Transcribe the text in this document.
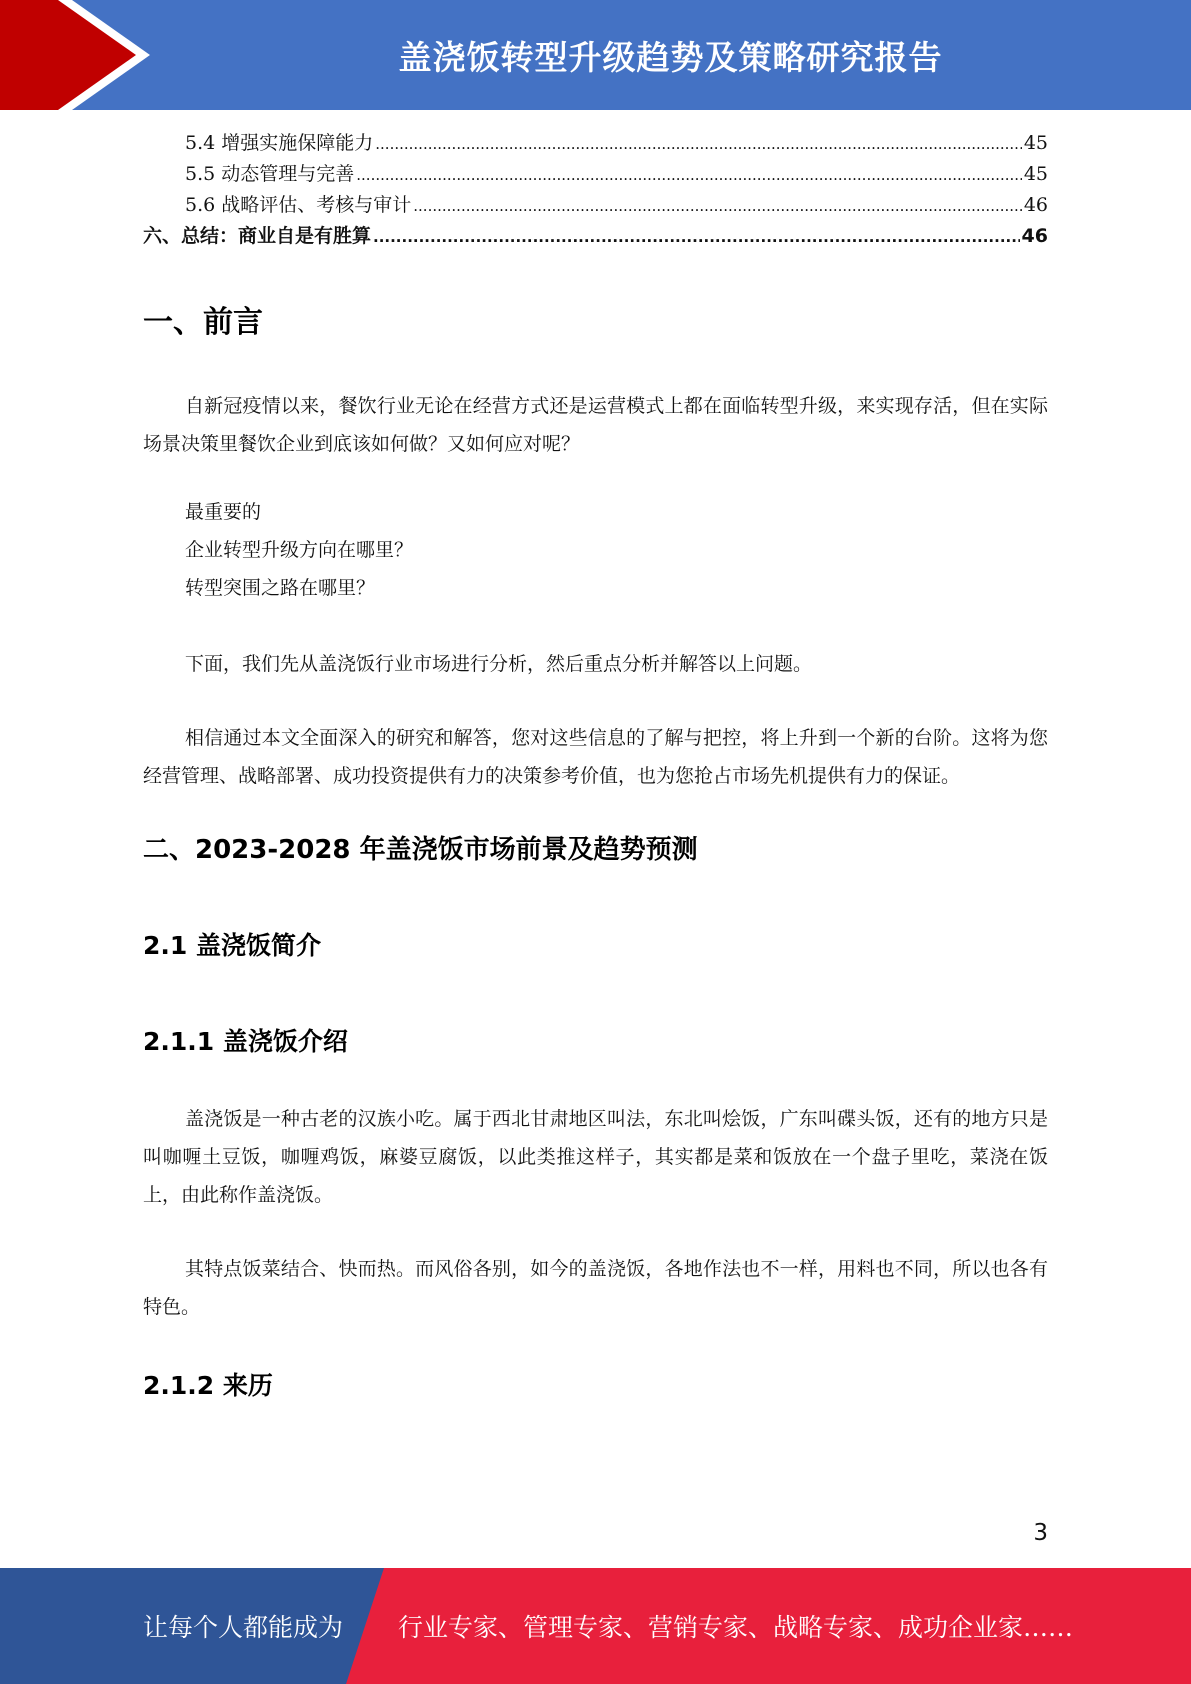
盖浇饭转型升级趋势及策略研究报告
5.4 增强实施保障能力 .....	45
5.5 动态管理与完善 .....	45
5.6 战略评估、考核与审计 .....	46
六、总结：商业自是有胜算 .....	46
一、前言

自新冠疫情以来，餐饮行业无论在经营方式还是运营模式上都在面临转型升级，来实现存活，但在实际场景决策里餐饮企业到底该如何做？又如何应对呢？

最重要的
企业转型升级方向在哪里？
转型突围之路在哪里？

下面，我们先从盖浇饭行业市场进行分析，然后重点分析并解答以上问题。

相信通过本文全面深入的研究和解答，您对这些信息的了解与把控，将上升到一个新的台阶。这将为您经营管理、战略部署、成功投资提供有力的决策参考价值，也为您抢占市场先机提供有力的保证。

二、2023-2028 年盖浇饭市场前景及趋势预测
2.1 盖浇饭简介
2.1.1 盖浇饭介绍

盖浇饭是一种古老的汉族小吃。属于西北甘肃地区叫法，东北叫烩饭，广东叫碟头饭，还有的地方只是叫咖喱土豆饭，咖喱鸡饭，麻婆豆腐饭，以此类推这样子，其实都是菜和饭放在一个盘子里吃，菜浇在饭上，由此称作盖浇饭。

其特点饭菜结合、快而热。而风俗各别，如今的盖浇饭，各地作法也不一样，用料也不同，所以也各有特色。

2.1.2 来历
3
让每个人都能成为 行业专家、管理专家、营销专家、战略专家、成功企业家……
